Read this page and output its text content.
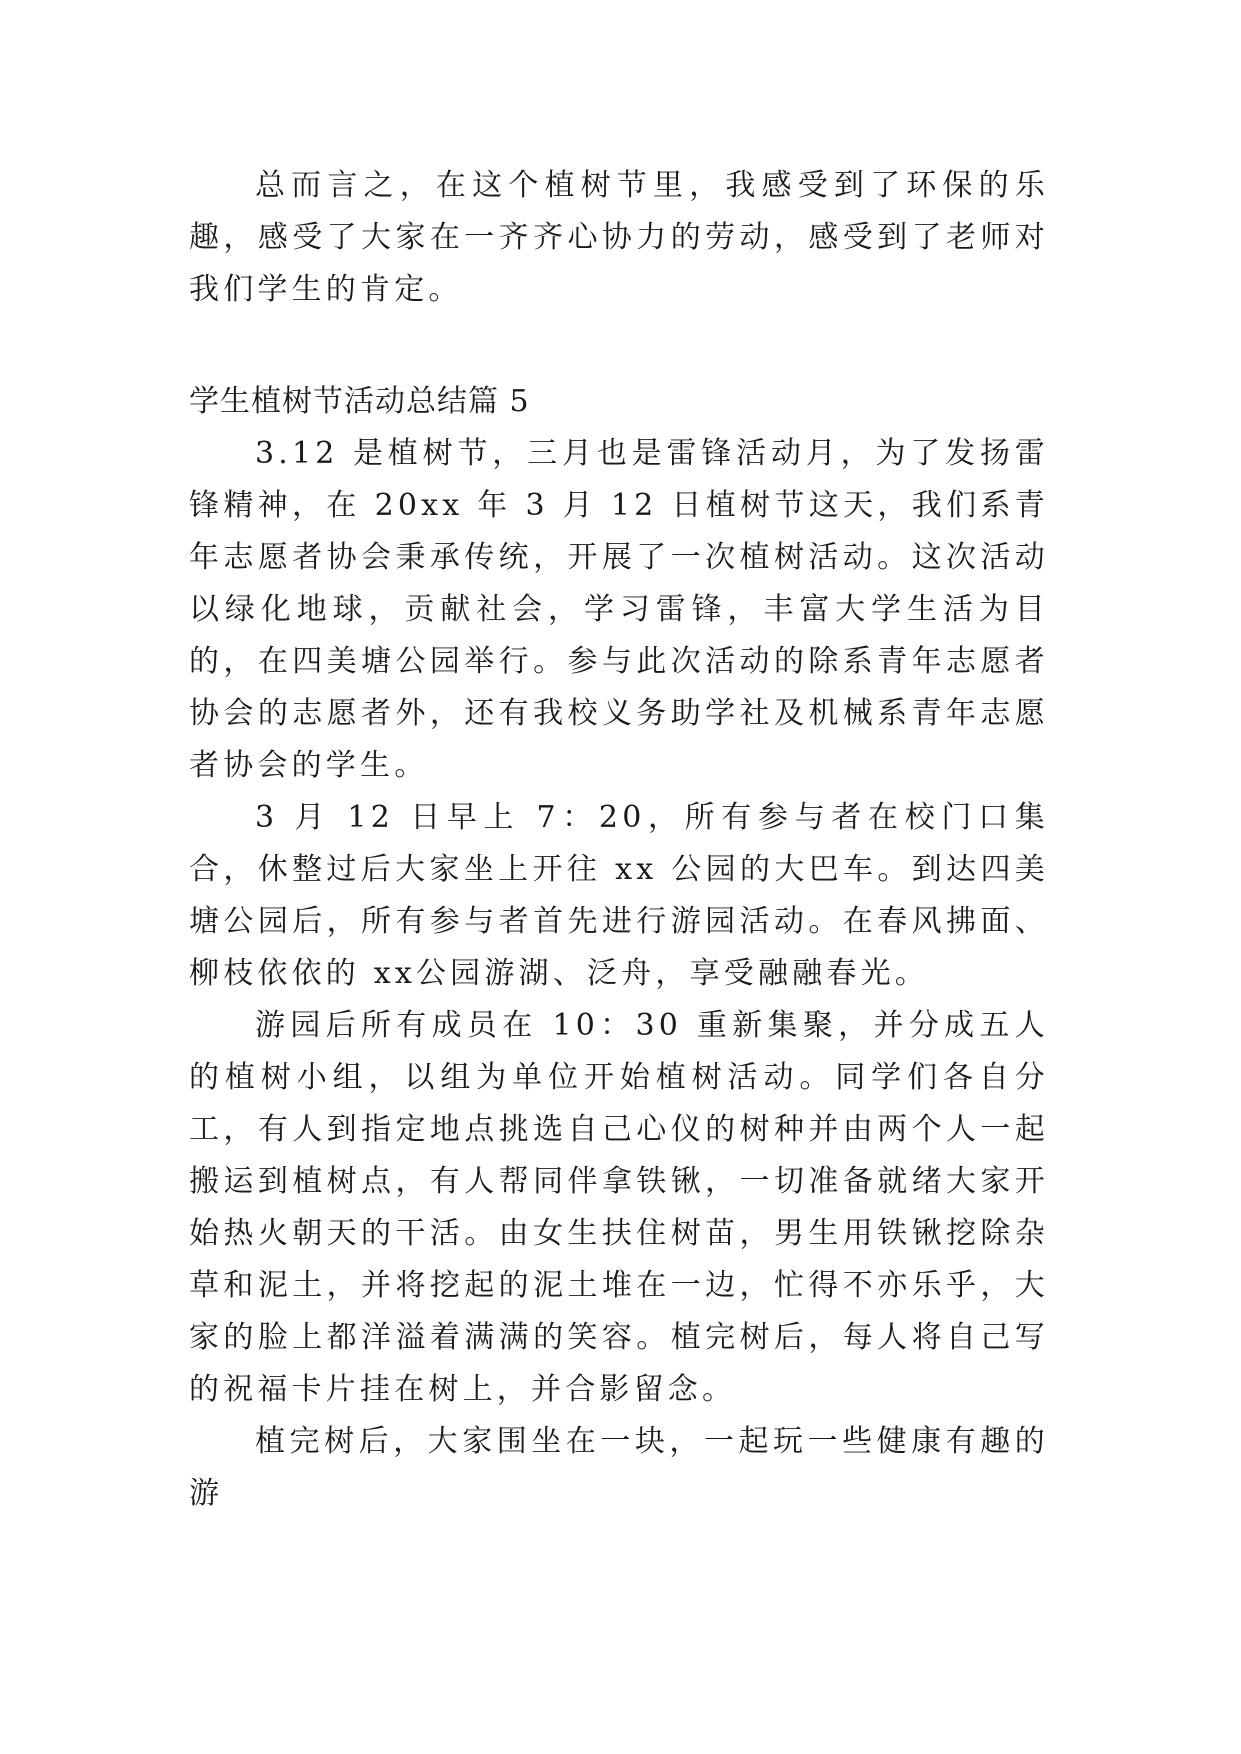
总而言之，在这个植树节里，我感受到了环保的乐趣，感受了大家在一齐齐心协力的劳动，感受到了老师对我们学生的肯定。

学生植树节活动总结篇 5

3.12 是植树节，三月也是雷锋活动月，为了发扬雷锋精神，在 20xx 年 3 月 12 日植树节这天，我们系青年志愿者协会秉承传统，开展了一次植树活动。这次活动以绿化地球，贡献社会，学习雷锋，丰富大学生活为目的，在四美塘公园举行。参与此次活动的除系青年志愿者协会的志愿者外，还有我校义务助学社及机械系青年志愿者协会的学生。

3 月 12 日早上 7：20，所有参与者在校门口集合，休整过后大家坐上开往 xx 公园的大巴车。到达四美塘公园后，所有参与者首先进行游园活动。在春风拂面、柳枝依依的 xx公园游湖、泛舟，享受融融春光。

游园后所有成员在 10：30 重新集聚，并分成五人的植树小组，以组为单位开始植树活动。同学们各自分工，有人到指定地点挑选自己心仪的树种并由两个人一起搬运到植树点，有人帮同伴拿铁锹，一切准备就绪大家开始热火朝天的干活。由女生扶住树苗，男生用铁锹挖除杂草和泥土，并将挖起的泥土堆在一边，忙得不亦乐乎，大家的脸上都洋溢着满满的笑容。植完树后，每人将自己写的祝福卡片挂在树上，并合影留念。

植完树后，大家围坐在一块，一起玩一些健康有趣的游
